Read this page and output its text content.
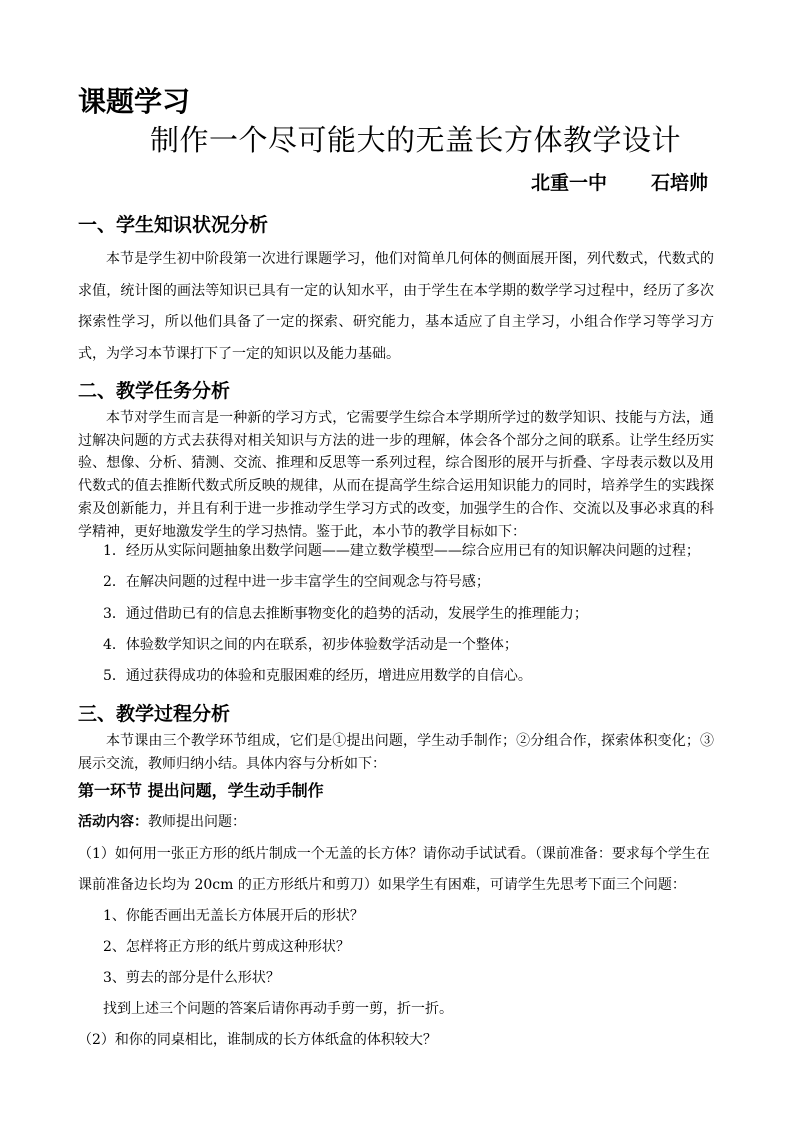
课题学习
制作一个尽可能大的无盖长方体教学设计
北重一中 石培帅
一、学生知识状况分析
本节是学生初中阶段第一次进行课题学习，他们对简单几何体的侧面展开图，列代数式，代数式的求值，统计图的画法等知识已具有一定的认知水平，由于学生在本学期的数学学习过程中，经历了多次探索性学习，所以他们具备了一定的探索、研究能力，基本适应了自主学习，小组合作学习等学习方式，为学习本节课打下了一定的知识以及能力基础。
二、教学任务分析
本节对学生而言是一种新的学习方式，它需要学生综合本学期所学过的数学知识、技能与方法，通过解决问题的方式去获得对相关知识与方法的进一步的理解，体会各个部分之间的联系。让学生经历实验、想像、分析、猜测、交流、推理和反思等一系列过程，综合图形的展开与折叠、字母表示数以及用代数式的值去推断代数式所反映的规律，从而在提高学生综合运用知识能力的同时，培养学生的实践探索及创新能力，并且有利于进一步推动学生学习方式的改变，加强学生的合作、交流以及事必求真的科学精神，更好地激发学生的学习热情。鉴于此，本小节的教学目标如下：
1．经历从实际问题抽象出数学问题——建立数学模型——综合应用已有的知识解决问题的过程；
2．在解决问题的过程中进一步丰富学生的空间观念与符号感；
3．通过借助已有的信息去推断事物变化的趋势的活动，发展学生的推理能力；
4．体验数学知识之间的内在联系，初步体验数学活动是一个整体；
5．通过获得成功的体验和克服困难的经历，增进应用数学的自信心。
三、教学过程分析
本节课由三个教学环节组成，它们是①提出问题，学生动手制作；②分组合作，探索体积变化；③展示交流，教师归纳小结。具体内容与分析如下：
第一环节 提出问题，学生动手制作
活动内容：教师提出问题：
（1）如何用一张正方形的纸片制成一个无盖的长方体？请你动手试试看。（课前准备：要求每个学生在
课前准备边长均为 20cm 的正方形纸片和剪刀）如果学生有困难，可请学生先思考下面三个问题：
1、你能否画出无盖长方体展开后的形状？
2、怎样将正方形的纸片剪成这种形状？
3、剪去的部分是什么形状？
找到上述三个问题的答案后请你再动手剪一剪，折一折。
（2）和你的同桌相比，谁制成的长方体纸盒的体积较大？
